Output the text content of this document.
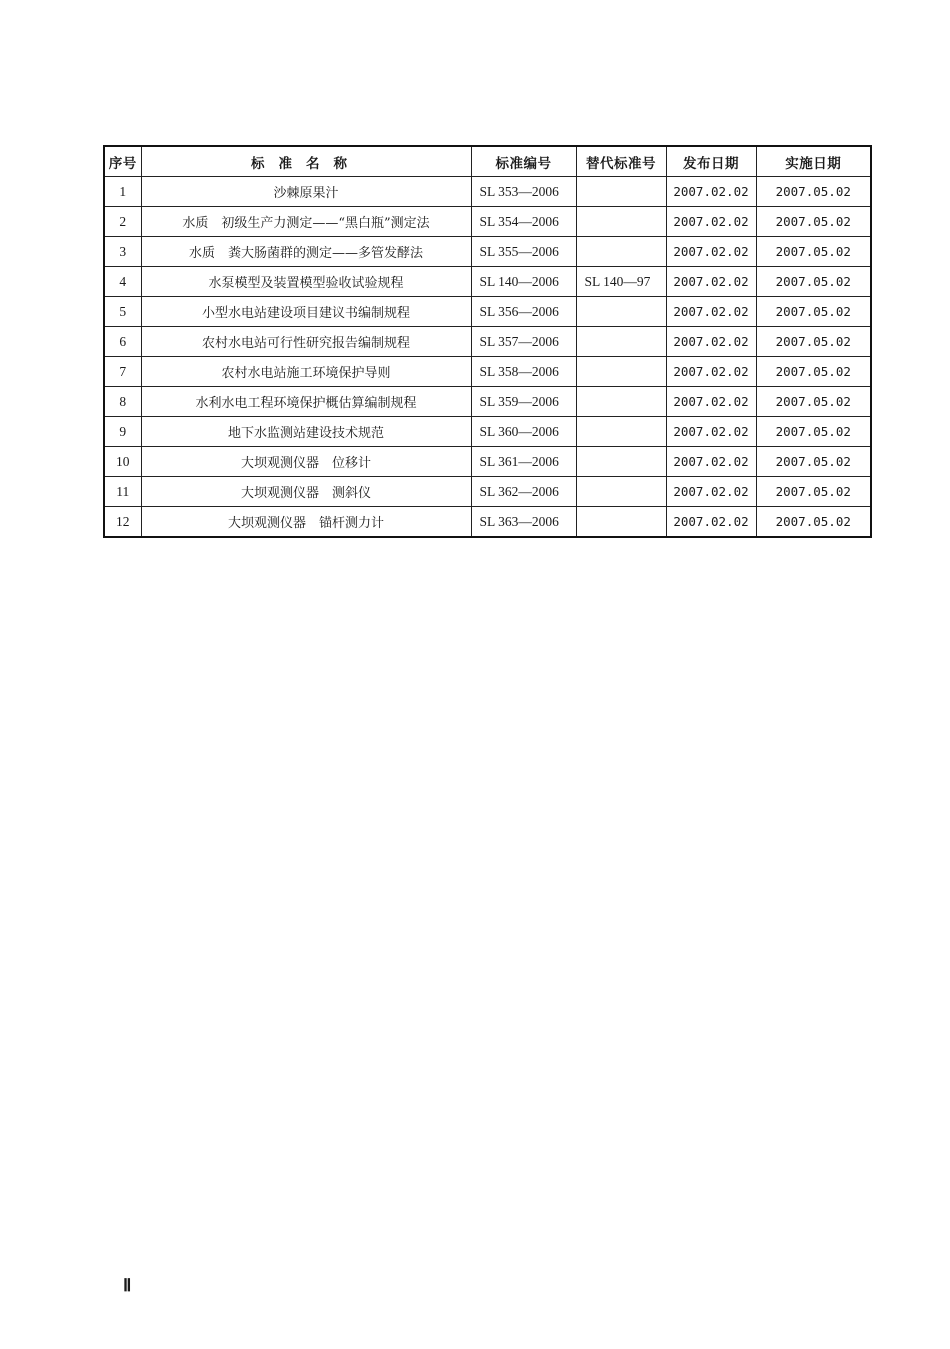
序号	标准名称	标准编号	替代标准号	发布日期	实施日期
1	沙棘原果汁	SL 353—2006		2007.02.02	2007.05.02
2	水质　初级生产力测定——“黑白瓶”测定法	SL 354—2006		2007.02.02	2007.05.02
3	水质　粪大肠菌群的测定——多管发酵法	SL 355—2006		2007.02.02	2007.05.02
4	水泵模型及装置模型验收试验规程	SL 140—2006	SL 140—97	2007.02.02	2007.05.02
5	小型水电站建设项目建议书编制规程	SL 356—2006		2007.02.02	2007.05.02
6	农村水电站可行性研究报告编制规程	SL 357—2006		2007.02.02	2007.05.02
7	农村水电站施工环境保护导则	SL 358—2006		2007.02.02	2007.05.02
8	水利水电工程环境保护概估算编制规程	SL 359—2006		2007.02.02	2007.05.02
9	地下水监测站建设技术规范	SL 360—2006		2007.02.02	2007.05.02
10	大坝观测仪器　位移计	SL 361—2006		2007.02.02	2007.05.02
11	大坝观测仪器　测斜仪	SL 362—2006		2007.02.02	2007.05.02
12	大坝观测仪器　锚杆测力计	SL 363—2006		2007.02.02	2007.05.02
Ⅱ
